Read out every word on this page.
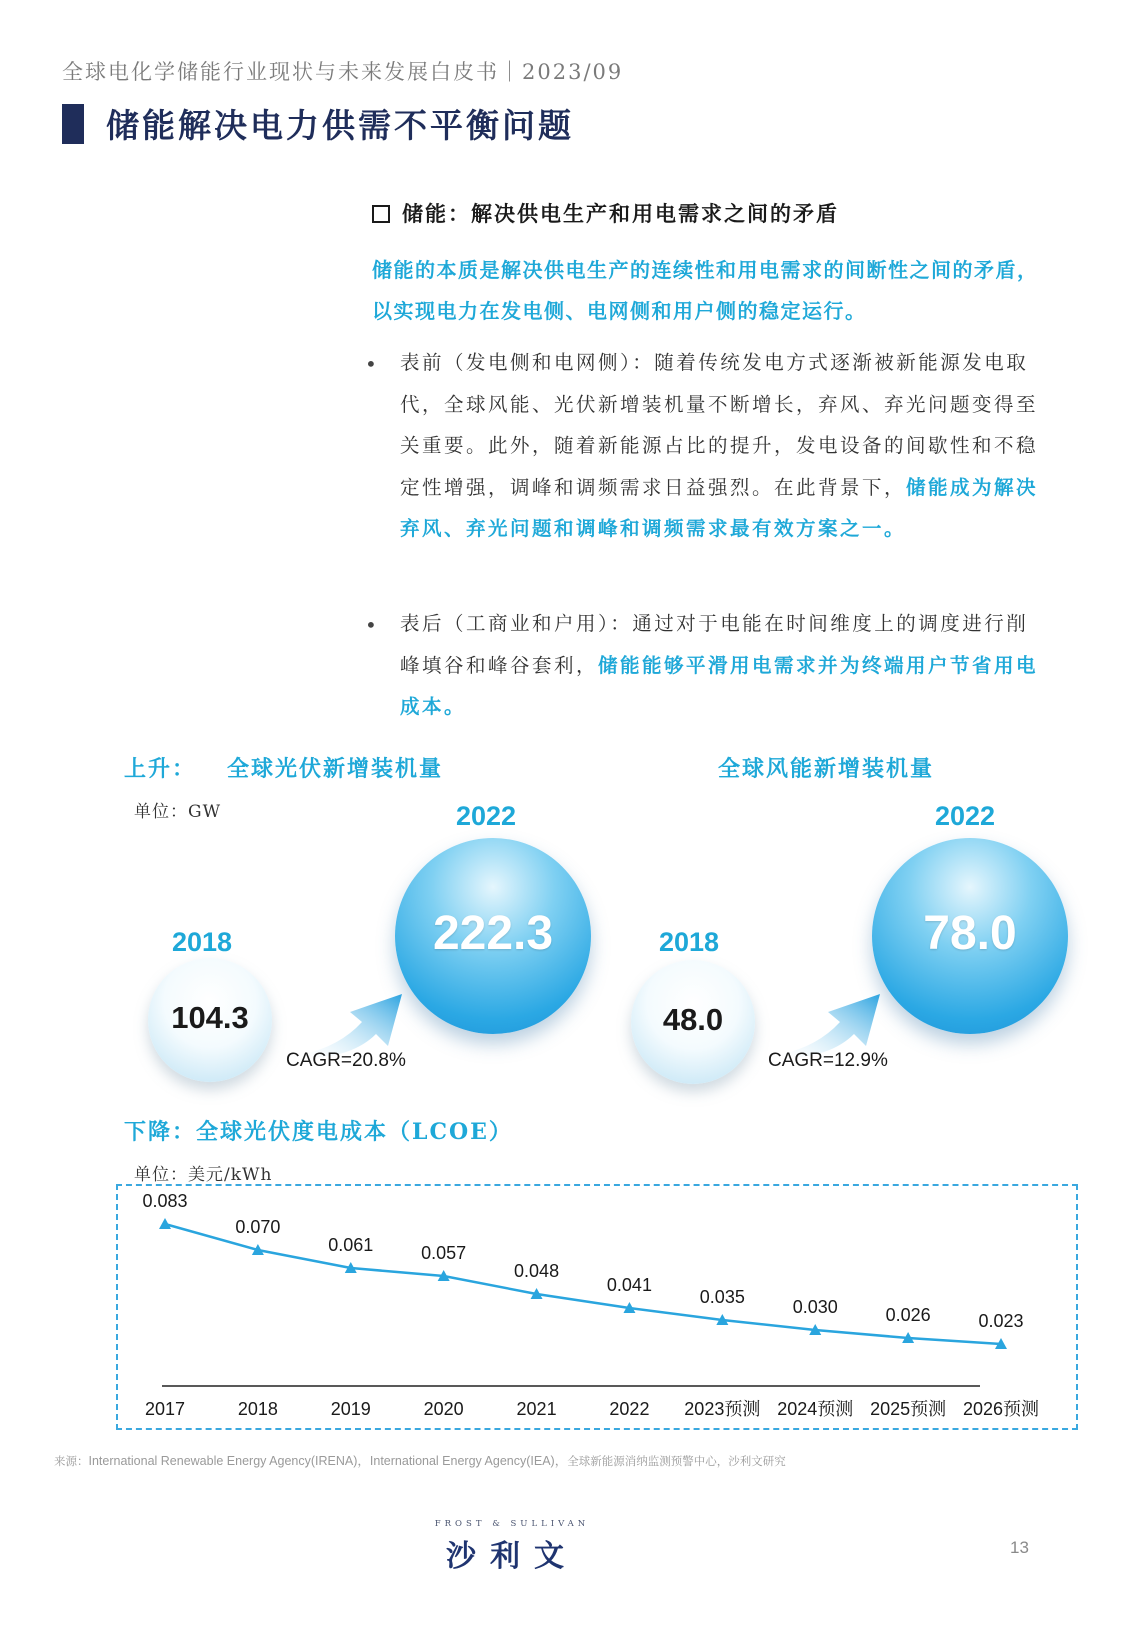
全球电化学储能行业现状与未来发展白皮书｜2023/09
储能解决电力供需不平衡问题
储能：解决供电生产和用电需求之间的矛盾
储能的本质是解决供电生产的连续性和用电需求的间断性之间的矛盾，以实现电力在发电侧、电网侧和用户侧的稳定运行。
• 表前（发电侧和电网侧）：随着传统发电方式逐渐被新能源发电取代，全球风能、光伏新增装机量不断增长，弃风、弃光问题变得至关重要。此外，随着新能源占比的提升，发电设备的间歇性和不稳定性增强，调峰和调频需求日益强烈。在此背景下，储能成为解决弃风、弃光问题和调峰和调频需求最有效方案之一。
• 表后（工商业和户用）：通过对于电能在时间维度上的调度进行削峰填谷和峰谷套利，储能能够平滑用电需求并为终端用户节省用电成本。
上升： 全球光伏新增装机量	全球风能新增装机量
单位：GW
2018
104.3
2022
222.3
CAGR=20.8%
2018
48.0
2022
78.0
CAGR=12.9%
下降：全球光伏度电成本（LCOE）
单位：美元/kWh
0.083
2017
0.070
2018
0.061
2019
0.057
2020
0.048
2021
0.041
2022
0.035
2023预测
0.030
2024预测
0.026
2025预测
0.023
2026预测
来源：International Renewable Energy Agency(IRENA)，International Energy Agency(IEA)，全球新能源消纳监测预警中心，沙利文研究
FROST & SULLIVAN
沙利文	13
